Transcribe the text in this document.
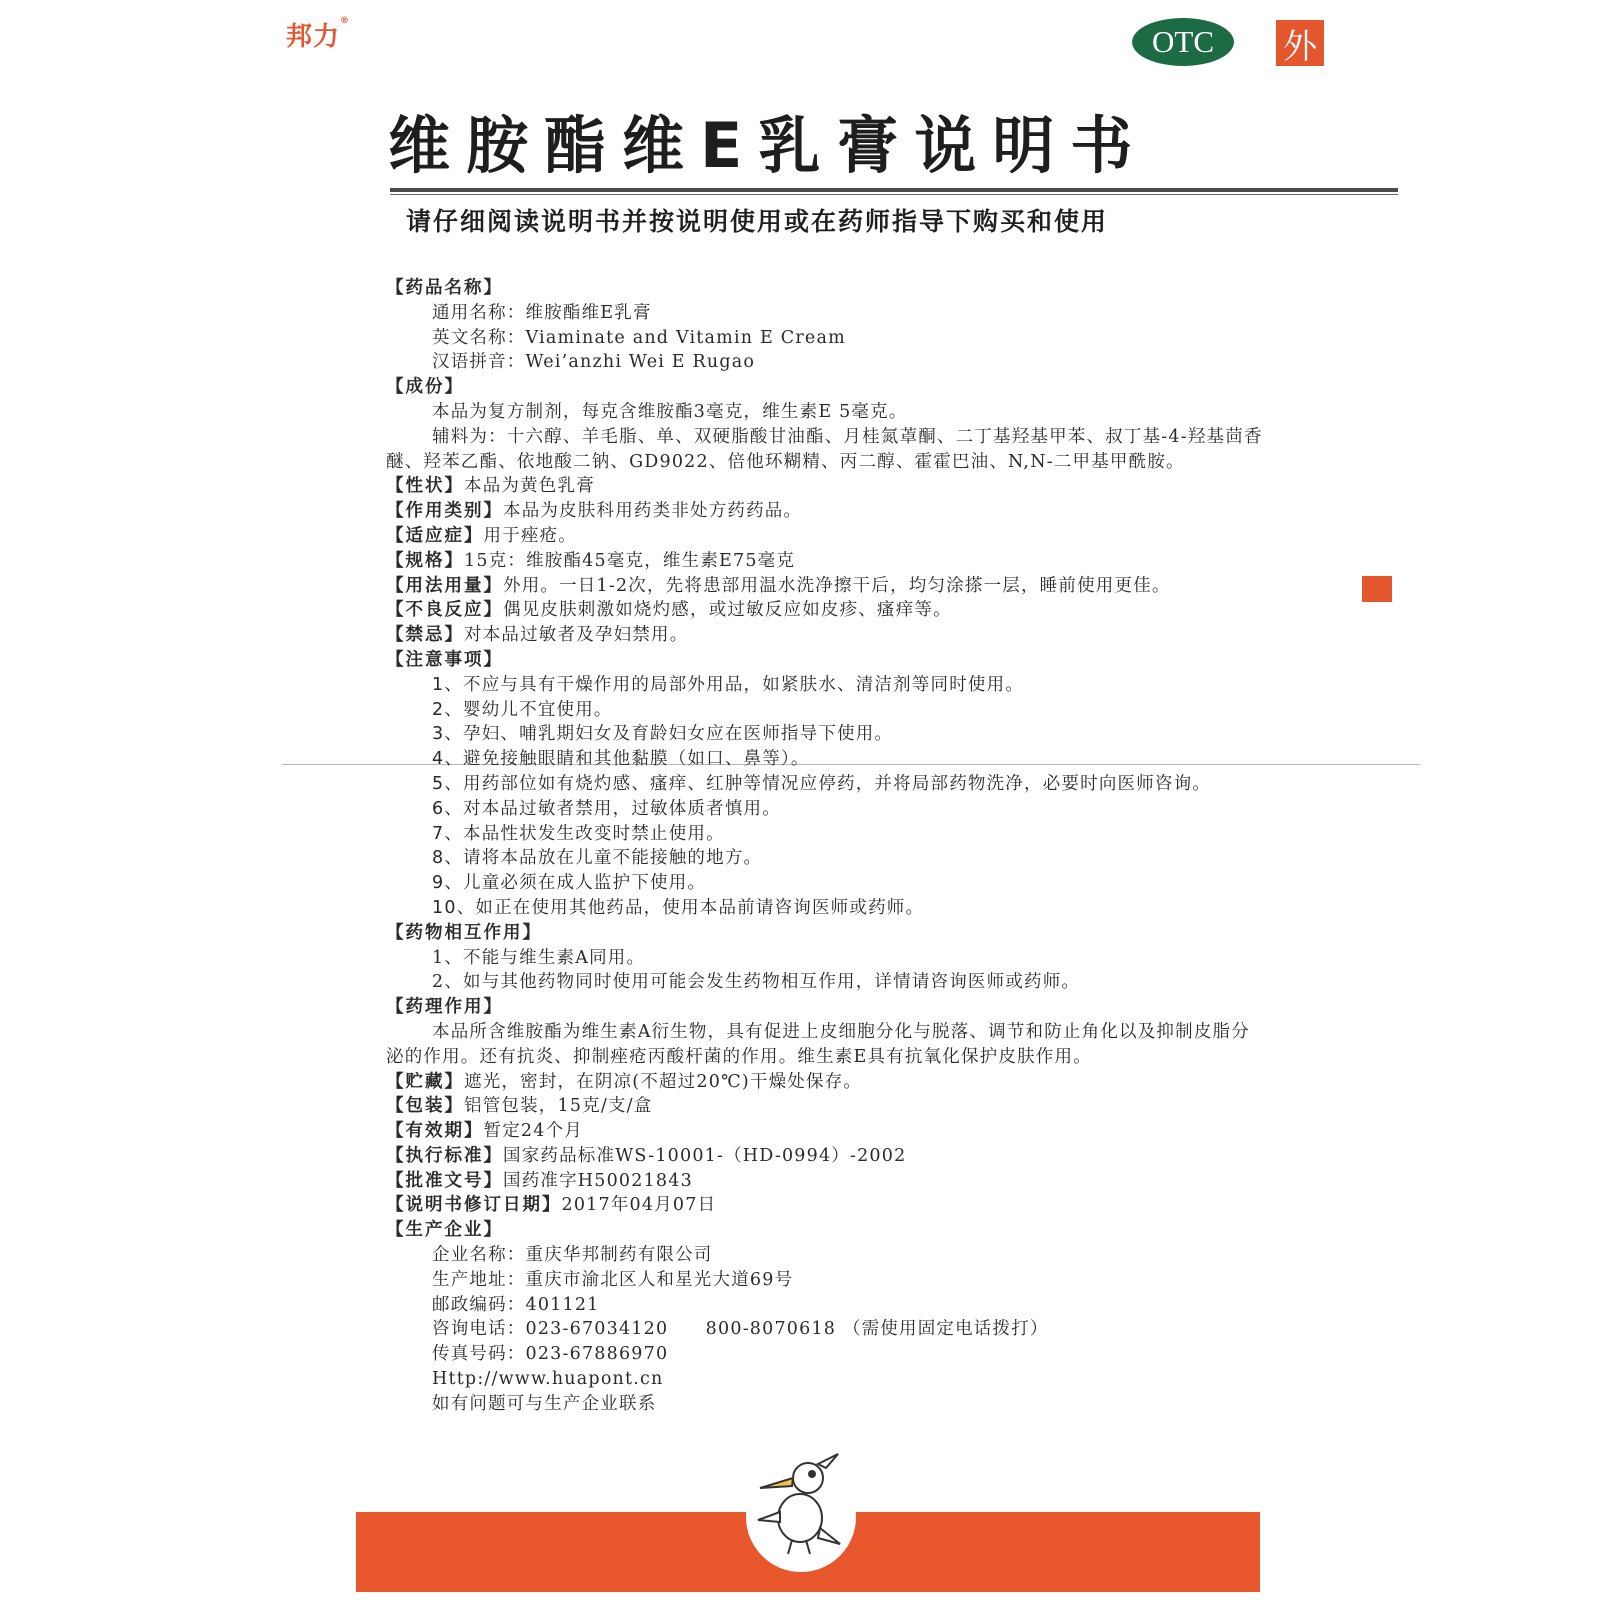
邦力®
OTC 外
维胺酯维E乳膏说明书
请仔细阅读说明书并按说明使用或在药师指导下购买和使用
【药品名称】
通用名称：维胺酯维E乳膏
英文名称：Viaminate and Vitamin E Cream
汉语拼音：Wei’anzhi Wei E Rugao
【成份】
本品为复方制剂，每克含维胺酯3毫克，维生素E 5毫克。
辅料为：十六醇、羊毛脂、单、双硬脂酸甘油酯、月桂氮䓬酮、二丁基羟基甲苯、叔丁基-4-羟基茴香醚、羟苯乙酯、依地酸二钠、GD9022、倍他环糊精、丙二醇、霍霍巴油、N,N-二甲基甲酰胺。
【性状】本品为黄色乳膏
【作用类别】本品为皮肤科用药类非处方药药品。
【适应症】用于痤疮。
【规格】15克：维胺酯45毫克，维生素E75毫克
【用法用量】外用。一日1-2次，先将患部用温水洗净擦干后，均匀涂搽一层，睡前使用更佳。
【不良反应】偶见皮肤刺激如烧灼感，或过敏反应如皮疹、瘙痒等。
【禁忌】对本品过敏者及孕妇禁用。
【注意事项】
1、不应与具有干燥作用的局部外用品，如紧肤水、清洁剂等同时使用。
2、婴幼儿不宜使用。
3、孕妇、哺乳期妇女及育龄妇女应在医师指导下使用。
4、避免接触眼睛和其他黏膜（如口、鼻等）。
5、用药部位如有烧灼感、瘙痒、红肿等情况应停药，并将局部药物洗净，必要时向医师咨询。
6、对本品过敏者禁用，过敏体质者慎用。
7、本品性状发生改变时禁止使用。
8、请将本品放在儿童不能接触的地方。
9、儿童必须在成人监护下使用。
10、如正在使用其他药品，使用本品前请咨询医师或药师。
【药物相互作用】
1、不能与维生素A同用。
2、如与其他药物同时使用可能会发生药物相互作用，详情请咨询医师或药师。
【药理作用】
本品所含维胺酯为维生素A衍生物，具有促进上皮细胞分化与脱落、调节和防止角化以及抑制皮脂分泌的作用。还有抗炎、抑制痤疮丙酸杆菌的作用。维生素E具有抗氧化保护皮肤作用。
【贮藏】遮光，密封，在阴凉(不超过20℃)干燥处保存。
【包装】铝管包装，15克/支/盒
【有效期】暂定24个月
【执行标准】国家药品标准WS-10001-（HD-0994）-2002
【批准文号】国药准字H50021843
【说明书修订日期】2017年04月07日
【生产企业】
企业名称：重庆华邦制药有限公司
生产地址：重庆市渝北区人和星光大道69号
邮政编码：401121
咨询电话：023-67034120　　800-8070618 （需使用固定电话拨打）
传真号码：023-67886970
Http://www.huapont.cn
如有问题可与生产企业联系
